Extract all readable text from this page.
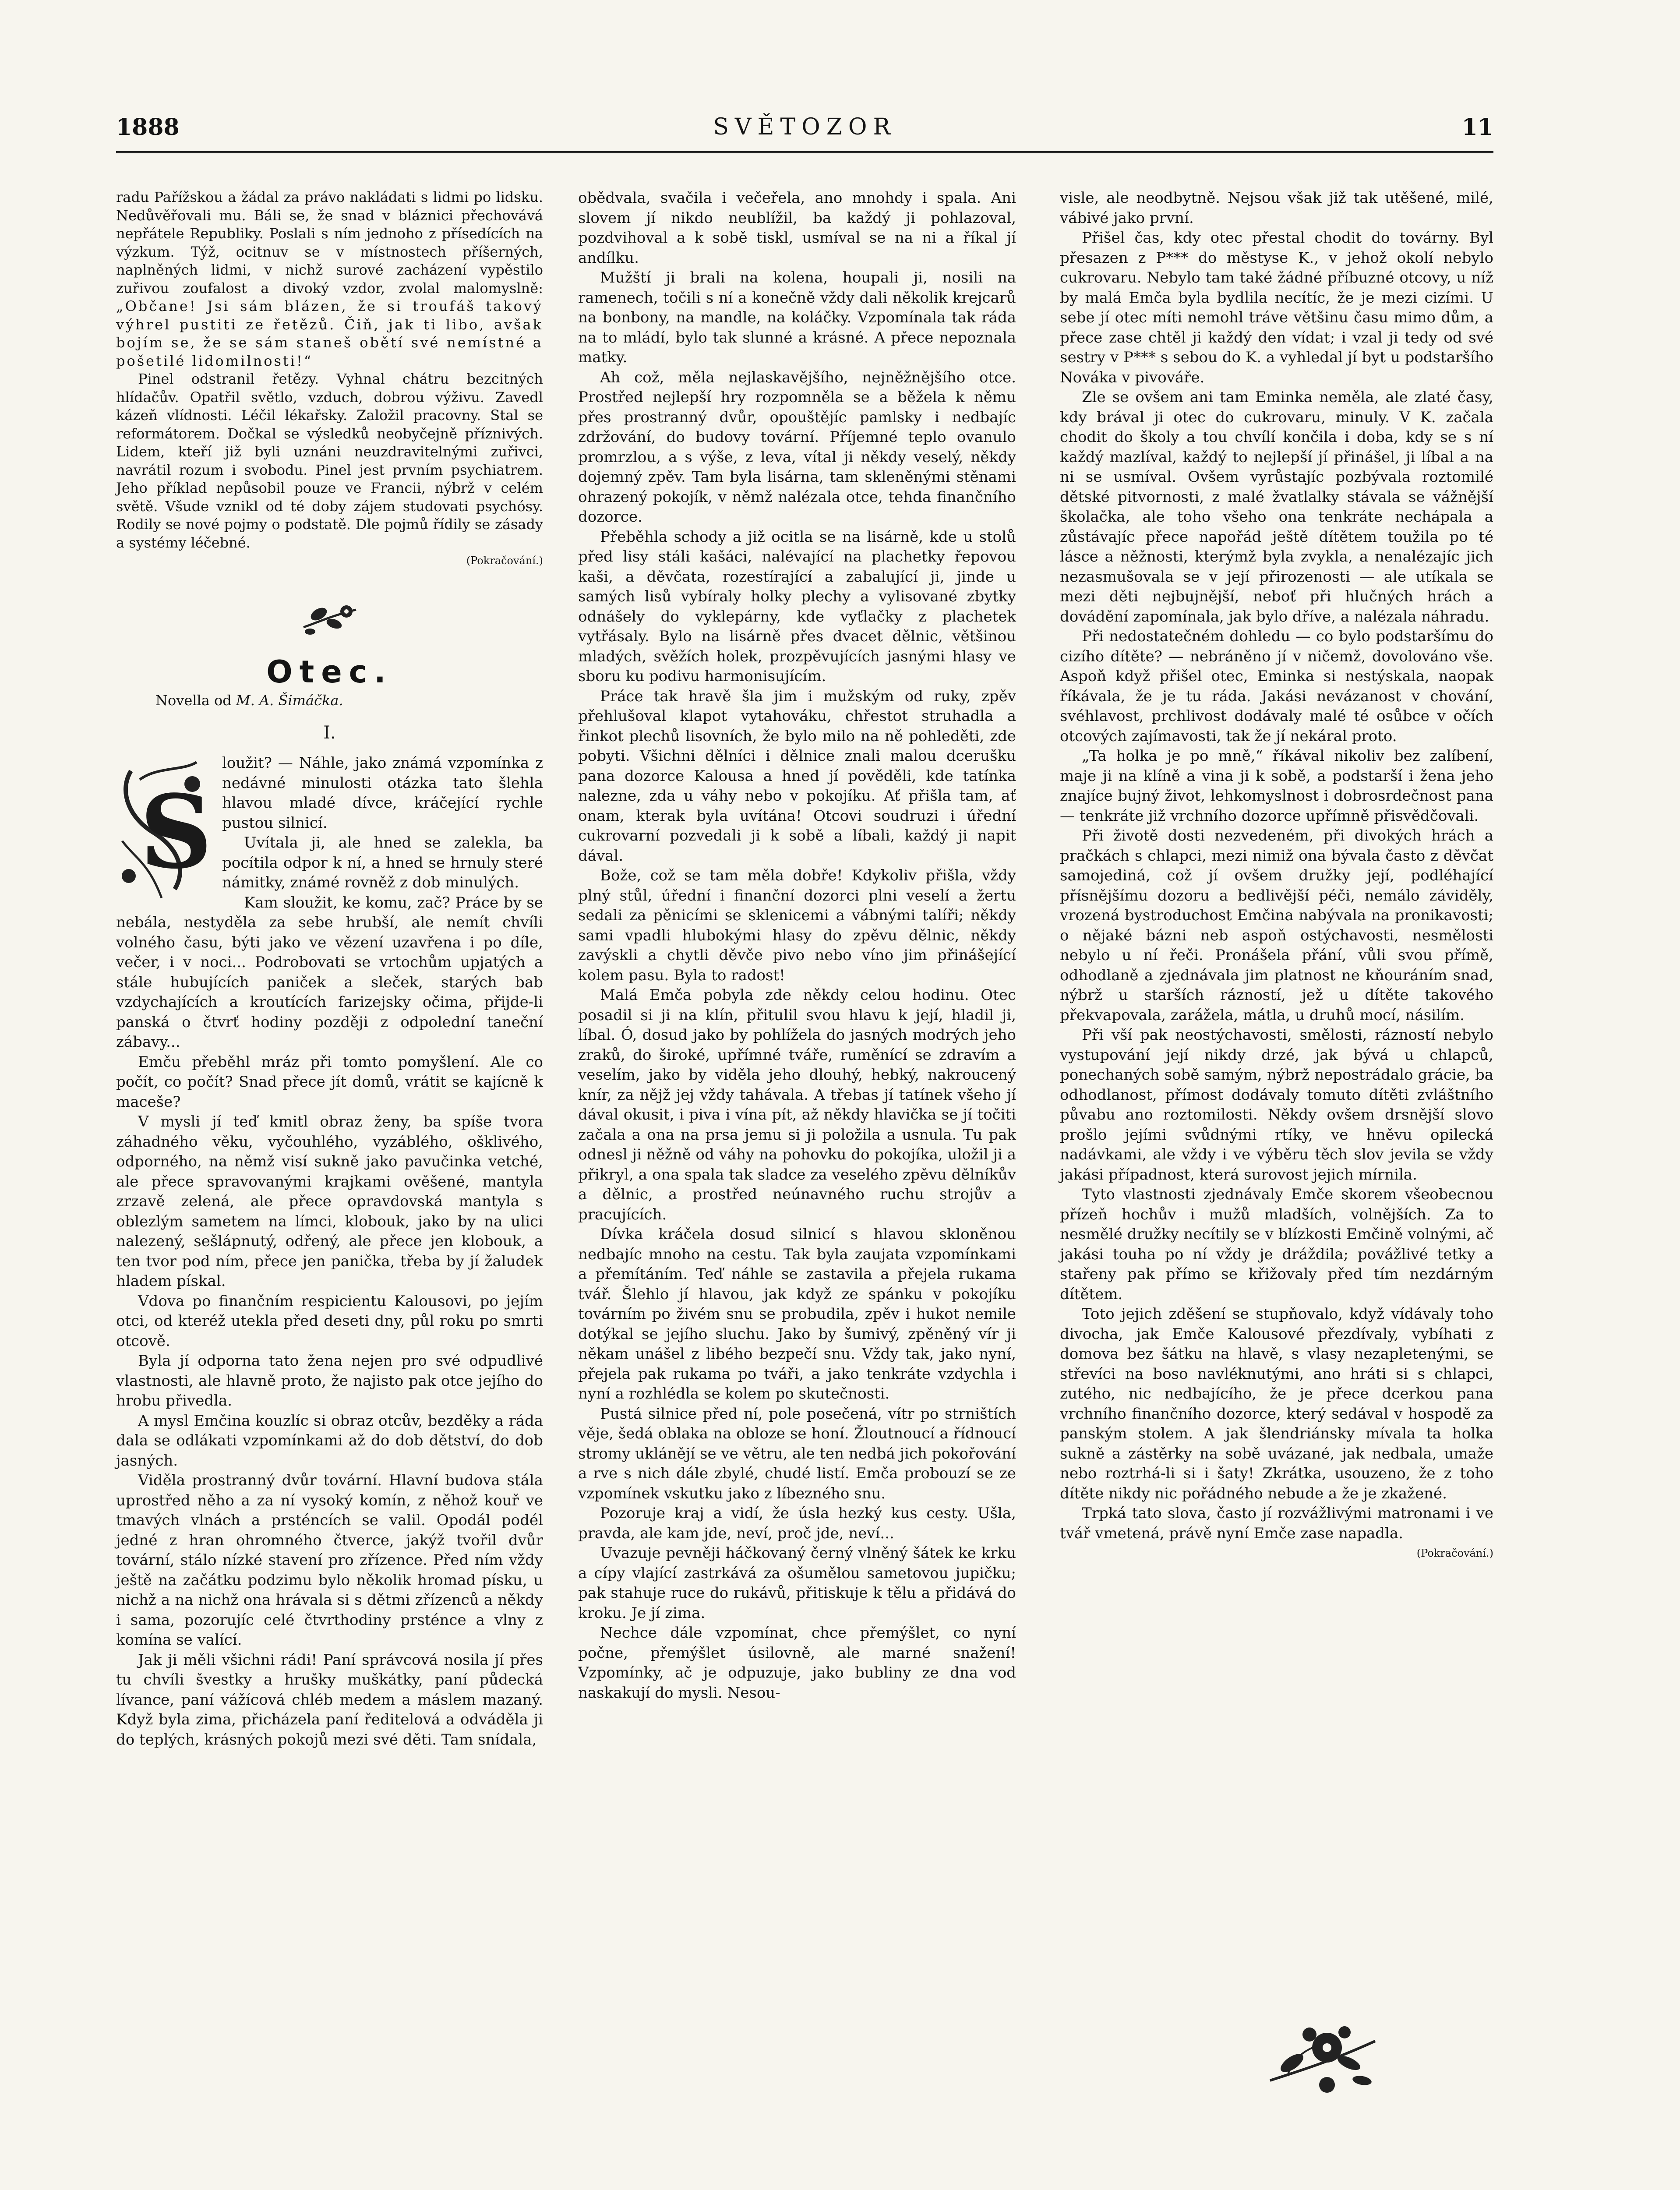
1888	SVĚTOZOR	11

radu Pařížskou a žádal za právo nakládati s lidmi po lidsku. Nedůvěřovali mu. Báli se, že snad v bláznici přechovává nepřátele Republiky. Poslali s ním jednoho z přísedících na výzkum. Týž, ocitnuv se v místnostech příšerných, naplněných lidmi, v nichž surové zacházení vypěstilo zuřivou zoufalost a divoký vzdor, zvolal malomyslně: „Občane! Jsi sám blázen, že si troufáš takový výhrel pustiti ze řetězů. Čiň, jak ti libo, avšak bojím se, že se sám staneš obětí své nemístné a pošetilé lidomilnosti!“

Pinel odstranil řetězy. Vyhnal chátru bezcitných hlídačův. Opatřil světlo, vzduch, dobrou výživu. Zavedl kázeň vlídnosti. Léčil lékařsky. Založil pracovny. Stal se reformátorem. Dočkal se výsledků neobyčejně příznivých. Lidem, kteří již byli uznáni neuzdravitelnými zuřivci, navrátil rozum i svobodu. Pinel jest prvním psychiatrem. Jeho příklad nepůsobil pouze ve Francii, nýbrž v celém světě. Všude vznikl od té doby zájem studovati psychósy. Rodily se nové pojmy o podstatě. Dle pojmů řídily se zásady a systémy léčebné.

(Pokračování.)

Otec.
Novella od M. A. Šimáčka.
I.
S

loužit? — Náhle, jako známá vzpomínka z nedávné minulosti otázka tato šlehla hlavou mladé dívce, kráčející rychle pustou silnicí.

Uvítala ji, ale hned se zalekla, ba pocítila odpor k ní, a hned se hrnuly steré námitky, známé rovněž z dob minulých.

Kam sloužit, ke komu, zač? Práce by se nebála, nestyděla za sebe hrubší, ale nemít chvíli volného času, býti jako ve vězení uzavřena i po díle, večer, i v noci... Podrobovati se vrtochům upjatých a stále hubujících paniček a sleček, starých bab vzdychajících a kroutících farizejsky očima, přijde-li panská o čtvrť hodiny později z odpolední taneční zábavy...

Emču přeběhl mráz při tomto pomyšlení. Ale co počít, co počít? Snad přece jít domů, vrátit se kajícně k maceše?

V mysli jí teď kmitl obraz ženy, ba spíše tvora záhadného věku, vyčouhlého, vyzáblého, ošklivého, odporného, na němž visí sukně jako pavučinka vetché, ale přece spravovanými krajkami ověšené, mantyla zrzavě zelená, ale přece opravdovská mantyla s oblezlým sametem na límci, klobouk, jako by na ulici nalezený, sešlápnutý, odřený, ale přece jen klobouk, a ten tvor pod ním, přece jen panička, třeba by jí žaludek hladem pískal.

Vdova po finančním respicientu Kalousovi, po jejím otci, od kteréž utekla před deseti dny, půl roku po smrti otcově.

Byla jí odporna tato žena nejen pro své odpudlivé vlastnosti, ale hlavně proto, že najisto pak otce jejího do hrobu přivedla.

A mysl Emčina kouzlíc si obraz otcův, bezděky a ráda dala se odlákati vzpomínkami až do dob dětství, do dob jasných.

Viděla prostranný dvůr tovární. Hlavní budova stála uprostřed něho a za ní vysoký komín, z něhož kouř ve tmavých vlnách a prsténcích se valil. Opodál podél jedné z hran ohromného čtverce, jakýž tvořil dvůr tovární, stálo nízké stavení pro zřízence. Před ním vždy ještě na začátku podzimu bylo několik hromad písku, u nichž a na nichž ona hrávala si s dětmi zřízenců a někdy i sama, pozorujíc celé čtvrthodiny prsténce a vlny z komína se valící.

Jak ji měli všichni rádi! Paní správcová nosila jí přes tu chvíli švestky a hrušky muškátky, paní půdecká lívance, paní vážícová chléb medem a máslem mazaný. Když byla zima, přicházela paní ředitelová a odváděla ji do teplých, krásných pokojů mezi své děti. Tam snídala,

obědvala, svačila i večeřela, ano mnohdy i spala. Ani slovem jí nikdo neublížil, ba každý ji pohlazoval, pozdvihoval a k sobě tiskl, usmíval se na ni a říkal jí andílku.

Mužští ji brali na kolena, houpali ji, nosili na ramenech, točili s ní a konečně vždy dali několik krejcarů na bonbony, na mandle, na koláčky. Vzpomínala tak ráda na to mládí, bylo tak slunné a krásné. A přece nepoznala matky.

Ah což, měla nejlaskavějšího, nejněžnějšího otce. Prostřed nejlepší hry rozpomněla se a běžela k němu přes prostranný dvůr, opouštějíc pamlsky i nedbajíc zdržování, do budovy tovární. Příjemné teplo ovanulo promrzlou, a s výše, z leva, vítal ji někdy veselý, někdy dojemný zpěv. Tam byla lisárna, tam skleněnými stěnami ohrazený pokojík, v němž nalézala otce, tehda finančního dozorce.

Přeběhla schody a již ocitla se na lisárně, kde u stolů před lisy stáli kašáci, nalévající na plachetky řepovou kaši, a děvčata, rozestírající a zabalující ji, jinde u samých lisů vybíraly holky plechy a vylisované zbytky odnášely do vyklepárny, kde vyťlačky z plachetek vytřásaly. Bylo na lisárně přes dvacet dělnic, většinou mladých, svěžích holek, prozpěvujících jasnými hlasy ve sboru ku podivu harmonisujícím.

Práce tak hravě šla jim i mužským od ruky, zpěv přehlušoval klapot vytahováku, chřestot struhadla a řinkot plechů lisovních, že bylo milo na ně pohleděti, zde pobyti. Všichni dělníci i dělnice znali malou dcerušku pana dozorce Kalousa a hned jí pověděli, kde tatínka nalezne, zda u váhy nebo v pokojíku. Ať přišla tam, ať onam, kterak byla uvítána! Otcovi soudruzi i úřední cukrovarní pozvedali ji k sobě a líbali, každý ji napit dával.

Bože, což se tam měla dobře! Kdykoliv přišla, vždy plný stůl, úřední i finanční dozorci plni veselí a žertu sedali za pěnicími se sklenicemi a vábnými talíři; někdy sami vpadli hlubokými hlasy do zpěvu dělnic, někdy zavýskli a chytli děvče pivo nebo víno jim přinášející kolem pasu. Byla to radost!

Malá Emča pobyla zde někdy celou hodinu. Otec posadil si ji na klín, přitulil svou hlavu k její, hladil ji, líbal. Ó, dosud jako by pohlížela do jasných modrých jeho zraků, do široké, upřímné tváře, ruměnící se zdravím a veselím, jako by viděla jeho dlouhý, hebký, nakroucený knír, za nějž jej vždy tahávala. A třebas jí tatínek všeho jí dával okusit, i piva i vína pít, až někdy hlavička se jí točiti začala a ona na prsa jemu si ji položila a usnula. Tu pak odnesl ji něžně od váhy na pohovku do pokojíka, uložil ji a přikryl, a ona spala tak sladce za veselého zpěvu dělníkův a dělnic, a prostřed neúnavného ruchu strojův a pracujících.

Dívka kráčela dosud silnicí s hlavou skloněnou nedbajíc mnoho na cestu. Tak byla zaujata vzpomínkami a přemítáním. Teď náhle se zastavila a přejela rukama tvář. Šlehlo jí hlavou, jak když ze spánku v pokojíku továrním po živém snu se probudila, zpěv i hukot nemile dotýkal se jejího sluchu. Jako by šumivý, zpěněný vír ji někam unášel z libého bezpečí snu. Vždy tak, jako nyní, přejela pak rukama po tváři, a jako tenkráte vzdychla i nyní a rozhlédla se kolem po skutečnosti.

Pustá silnice před ní, pole posečená, vítr po strništích věje, šedá oblaka na obloze se honí. Žloutnoucí a řídnoucí stromy uklánějí se ve větru, ale ten nedbá jich pokořování a rve s nich dále zbylé, chudé listí. Emča probouzí se ze vzpomínek vskutku jako z líbezného snu.

Pozoruje kraj a vidí, že úsla hezký kus cesty. Ušla, pravda, ale kam jde, neví, proč jde, neví...

Uvazuje pevněji háčkovaný černý vlněný šátek ke krku a cípy vlající zastrkává za ošumělou sametovou jupičku; pak stahuje ruce do rukávů, přitiskuje k tělu a přidává do kroku. Je jí zima.

Nechce dále vzpomínat, chce přemýšlet, co nyní počne, přemýšlet úsilovně, ale marné snažení! Vzpomínky, ač je odpuzuje, jako bubliny ze dna vod naskakují do mysli. Nesou-

visle, ale neodbytně. Nejsou však již tak utěšené, milé, vábivé jako první.

Přišel čas, kdy otec přestal chodit do továrny. Byl přesazen z P*** do městyse K., v jehož okolí nebylo cukrovaru. Nebylo tam také žádné příbuzné otcovy, u níž by malá Emča byla bydlila necítíc, že je mezi cizími. U sebe jí otec míti nemohl tráve většinu času mimo dům, a přece zase chtěl ji každý den vídat; i vzal ji tedy od své sestry v P*** s sebou do K. a vyhledal jí byt u podstaršího Nováka v pivováře.

Zle se ovšem ani tam Eminka neměla, ale zlaté časy, kdy brával ji otec do cukrovaru, minuly. V K. začala chodit do školy a tou chvílí končila i doba, kdy se s ní každý mazlíval, každý to nejlepší jí přinášel, ji líbal a na ni se usmíval. Ovšem vyrůstajíc pozbývala roztomilé dětské pitvornosti, z malé žvatlalky stávala se vážnější školačka, ale toho všeho ona tenkráte nechápala a zůstávajíc přece napořád ještě dítětem toužila po té lásce a něžnosti, kterýmž byla zvykla, a nenalézajíc jich nezasmušovala se v její přirozenosti — ale utíkala se mezi děti nejbujnější, neboť při hlučných hrách a dovádění zapomínala, jak bylo dříve, a nalézala náhradu.

Při nedostatečném dohledu — co bylo podstaršímu do cizího dítěte? — nebráněno jí v ničemž, dovolováno vše. Aspoň když přišel otec, Eminka si nestýskala, naopak říkávala, že je tu ráda. Jakási nevázanost v chování, svéhlavost, prchlivost dodávaly malé té osůbce v očích otcových zajímavosti, tak že jí nekáral proto.

„Ta holka je po mně,“ říkával nikoliv bez zalíbení, maje ji na klíně a vina ji k sobě, a podstarší i žena jeho znajíce bujný život, lehkomyslnost i dobrosrdečnost pana — tenkráte již vrchního dozorce upřímně přisvědčovali.

Při životě dosti nezvedeném, při divokých hrách a pračkách s chlapci, mezi nimiž ona bývala často z děvčat samojediná, což jí ovšem družky její, podléhající přísnějšímu dozoru a bedlivější péči, nemálo záviděly, vrozená bystroduchost Emčina nabývala na pronikavosti; o nějaké bázni neb aspoň ostýchavosti, nesmělosti nebylo u ní řeči. Pronášela přání, vůli svou přímě, odhodlaně a zjednávala jim platnost ne kňouráním snad, nýbrž u starších rázností, jež u dítěte takového překvapovala, zarážela, mátla, u druhů mocí, násilím.

Při vší pak neostýchavosti, smělosti, rázností nebylo vystupování její nikdy drzé, jak bývá u chlapců, ponechaných sobě samým, nýbrž nepostrádalo grácie, ba odhodlanost, přímost dodávaly tomuto dítěti zvláštního půvabu ano roztomilosti. Někdy ovšem drsnější slovo prošlo jejími svůdnými rtíky, ve hněvu opilecká nadávkami, ale vždy i ve výběru těch slov jevila se vždy jakási případnost, která surovost jejich mírnila.

Tyto vlastnosti zjednávaly Emče skorem všeobecnou přízeň hochův i mužů mladších, volnějších. Za to nesmělé družky necítily se v blízkosti Emčině volnými, ač jakási touha po ní vždy je dráždila; povážlivé tetky a stařeny pak přímo se křižovaly před tím nezdárným dítětem.

Toto jejich zděšení se stupňovalo, když vídávaly toho divocha, jak Emče Kalousové přezdívaly, vybíhati z domova bez šátku na hlavě, s vlasy nezapletenými, se střevíci na boso navléknutými, ano hráti si s chlapci, zutého, nic nedbajícího, že je přece dcerkou pana vrchního finančního dozorce, který sedával v hospodě za panským stolem. A jak šlendriánsky mívala ta holka sukně a zástěrky na sobě uvázané, jak nedbala, umaže nebo roztrhá-li si i šaty! Zkrátka, usouzeno, že z toho dítěte nikdy nic pořádného nebude a že je zkažené.

Trpká tato slova, často jí rozvážlivými matronami i ve tvář vmetená, právě nyní Emče zase napadla.

(Pokračování.)
